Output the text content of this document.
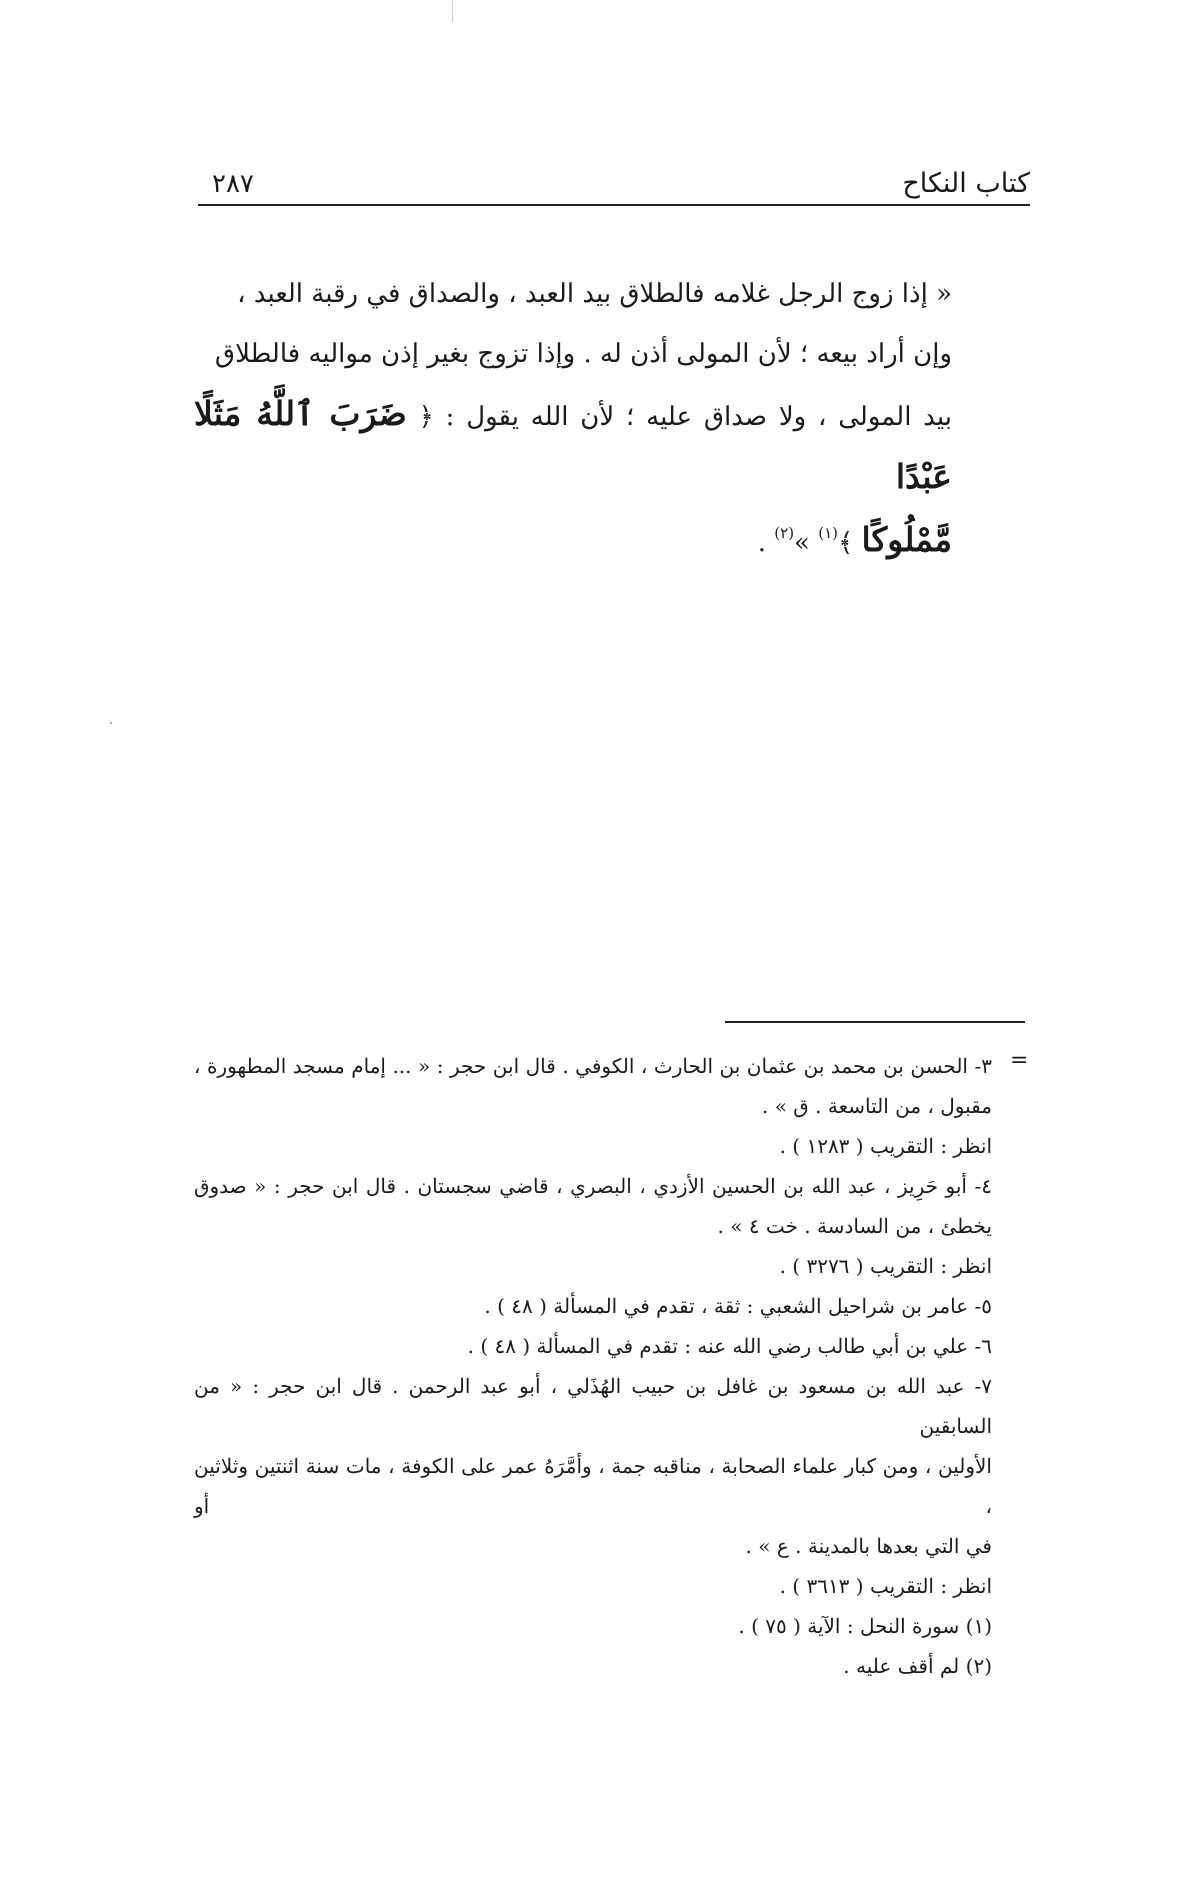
كتاب النكاح
٢٨٧
« إذا زوج الرجل غلامه فالطلاق بيد العبد ، والصداق في رقبة العبد ،
وإن أراد بيعه ؛ لأن المولى أذن له . وإذا تزوج بغير إذن مواليه فالطلاق
بيد المولى ، ولا صداق عليه ؛ لأن الله يقول : ﴿ ضَرَبَ ٱللَّهُ مَثَلًا عَبْدًا
مَّمْلُوكًا ﴾$^{(١)}$ »$^{(٢)}$ .
=
٣- الحسن بن محمد بن عثمان بن الحارث ، الكوفي . قال ابن حجر : « ... إمام مسجد المطهورة ،
مقبول ، من التاسعة . ق » .
انظر : التقريب ( ١٢٨٣ ) .
٤- أبو حَرِيز ، عبد الله بن الحسين الأزدي ، البصري ، قاضي سجستان . قال ابن حجر : « صدوق
يخطئ ، من السادسة . خت ٤ » .
انظر : التقريب ( ٣٢٧٦ ) .
٥- عامر بن شراحيل الشعبي : ثقة ، تقدم في المسألة ( ٤٨ ) .
٦- علي بن أبي طالب رضي الله عنه : تقدم في المسألة ( ٤٨ ) .
٧- عبد الله بن مسعود بن غافل بن حبيب الهُذَلي ، أبو عبد الرحمن . قال ابن حجر : « من السابقين
الأولين ، ومن كبار علماء الصحابة ، مناقبه جمة ، وأمَّرَهُ عمر على الكوفة ، مات سنة اثنتين وثلاثين ، أو
في التي بعدها بالمدينة . ع » .
انظر : التقريب ( ٣٦١٣ ) .
(١) سورة النحل : الآية ( ٧٥ ) .
(٢) لم أقف عليه .
